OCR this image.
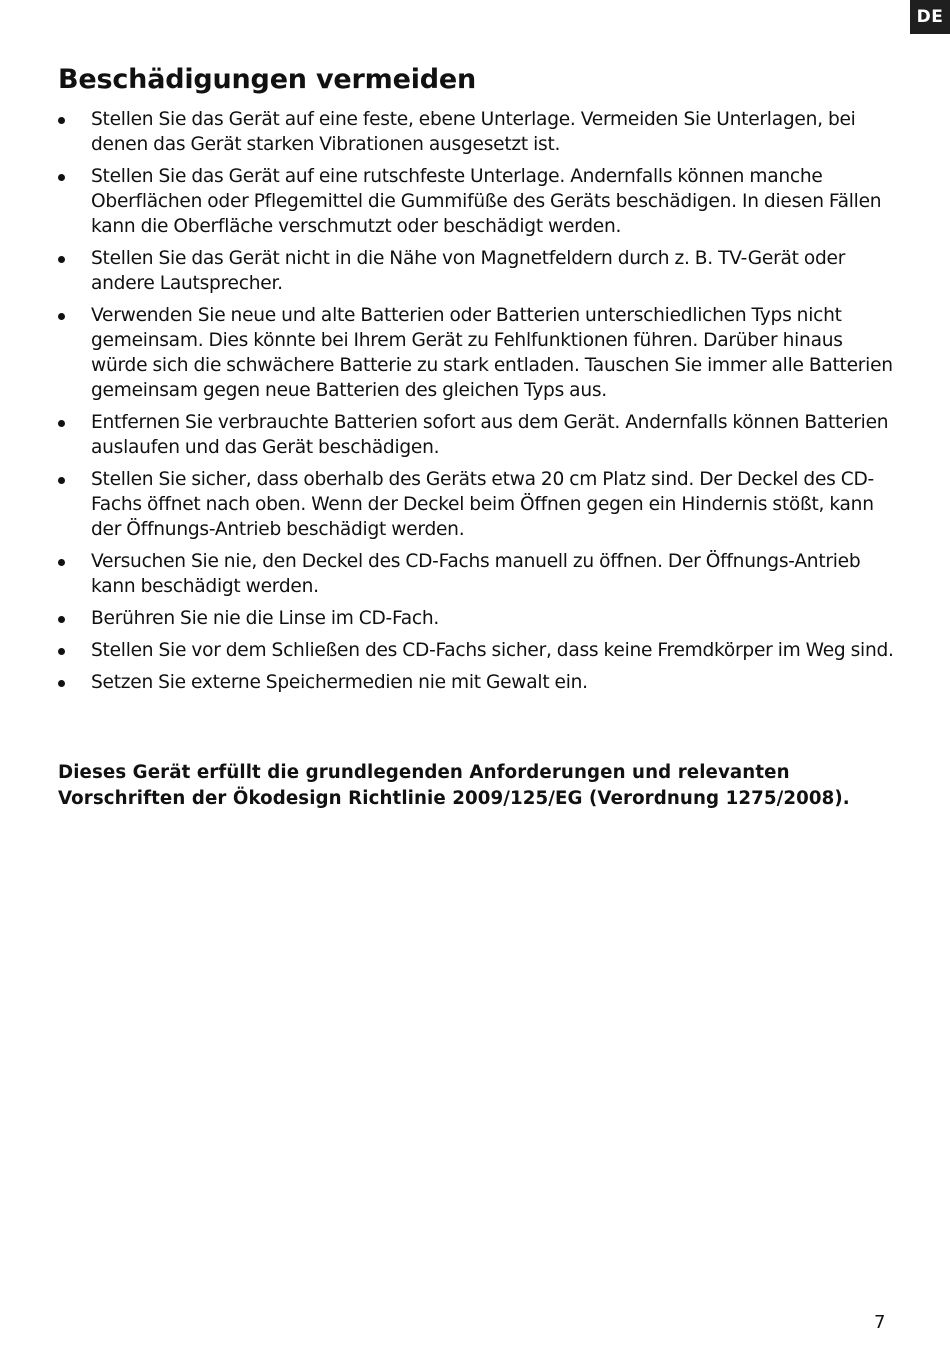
DE
Beschädigungen vermeiden
Stellen Sie das Gerät auf eine feste, ebene Unterlage. Vermeiden Sie Unterlagen, bei denen das Gerät starken Vibrationen ausgesetzt ist.
Stellen Sie das Gerät auf eine rutschfeste Unterlage. Andernfalls können manche Oberflächen oder Pflegemittel die Gummifüße des Geräts beschädigen. In diesen Fällen kann die Oberfläche verschmutzt oder beschädigt werden.
Stellen Sie das Gerät nicht in die Nähe von Magnetfeldern durch z. B. TV-Gerät oder andere Lautsprecher.
Verwenden Sie neue und alte Batterien oder Batterien unterschiedlichen Typs nicht gemeinsam. Dies könnte bei Ihrem Gerät zu Fehlfunktionen führen. Darüber hinaus würde sich die schwächere Batterie zu stark entladen. Tauschen Sie immer alle Batterien gemeinsam gegen neue Batterien des gleichen Typs aus.
Entfernen Sie verbrauchte Batterien sofort aus dem Gerät. Andernfalls können Batterien auslaufen und das Gerät beschädigen.
Stellen Sie sicher, dass oberhalb des Geräts etwa 20 cm Platz sind. Der Deckel des CD-Fachs öffnet nach oben. Wenn der Deckel beim Öffnen gegen ein Hindernis stößt, kann der Öffnungs-Antrieb beschädigt werden.
Versuchen Sie nie, den Deckel des CD-Fachs manuell zu öffnen. Der Öffnungs-Antrieb kann beschädigt werden.
Berühren Sie nie die Linse im CD-Fach.
Stellen Sie vor dem Schließen des CD-Fachs sicher, dass keine Fremdkörper im Weg sind.
Setzen Sie externe Speichermedien nie mit Gewalt ein.

Dieses Gerät erfüllt die grundlegenden Anforderungen und relevanten Vorschriften der Ökodesign Richtlinie 2009/125/EG (Verordnung 1275/2008).

7
